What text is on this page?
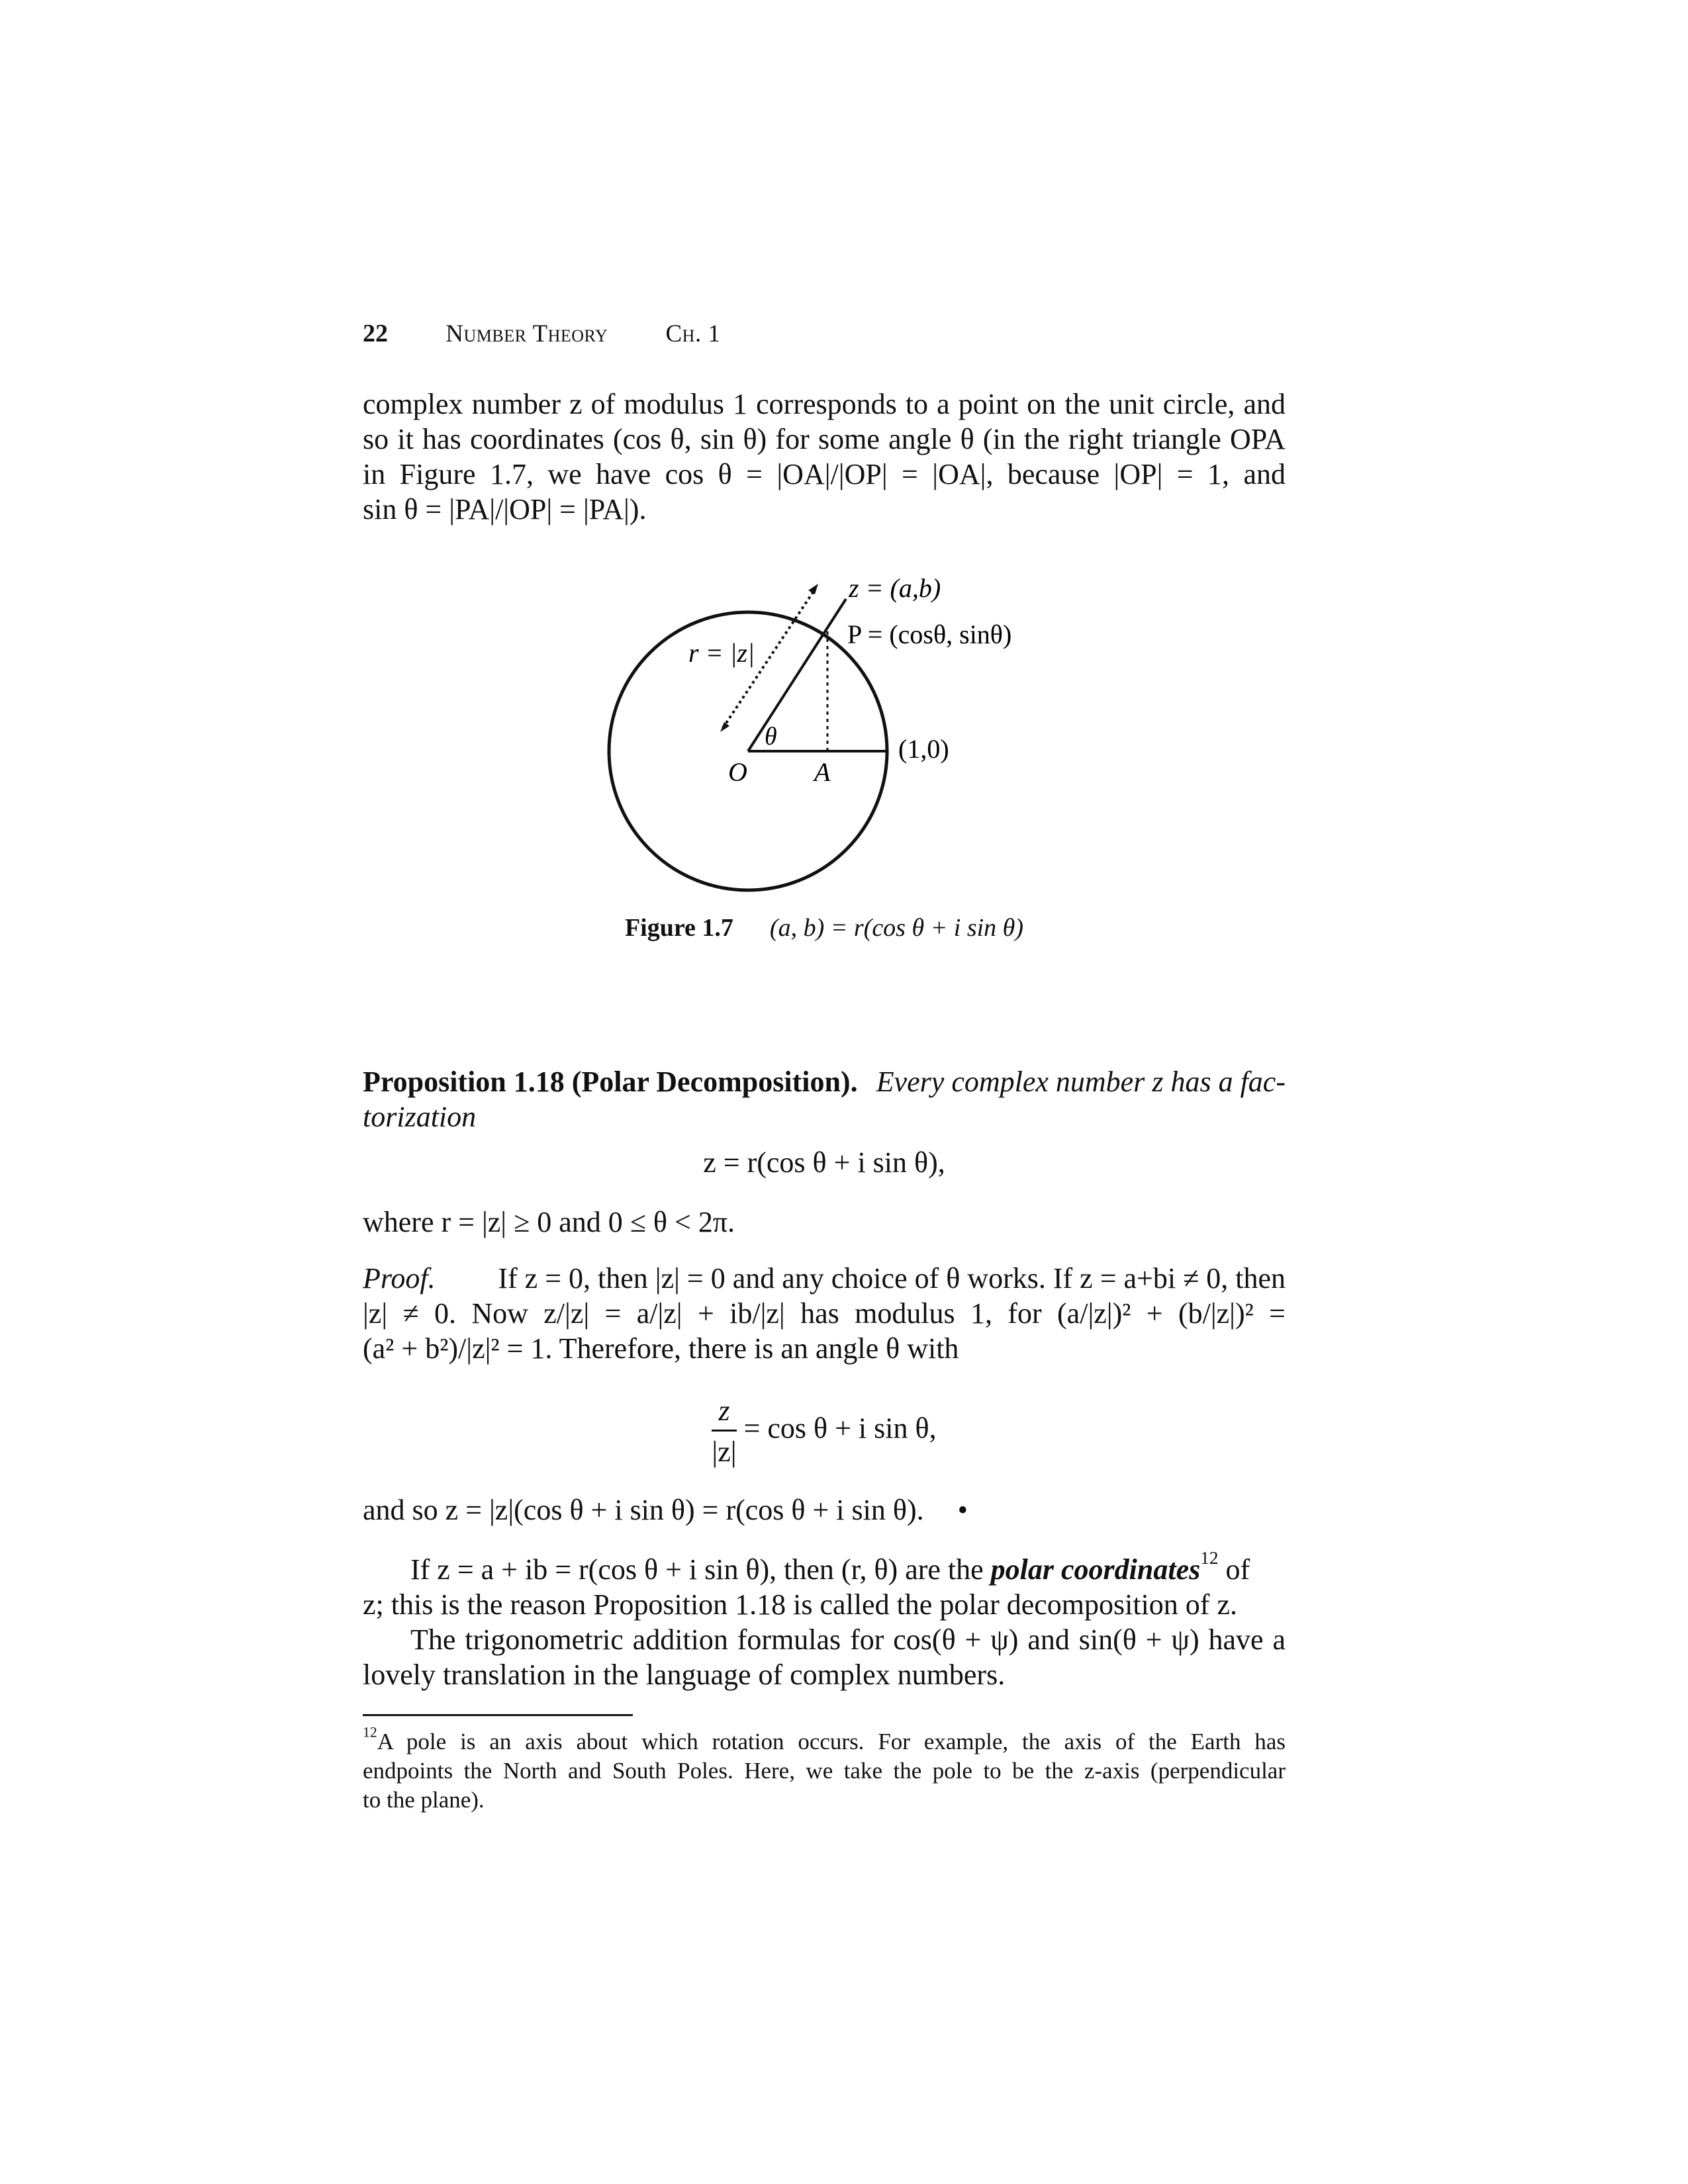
22 Number Theory Ch. 1
complex number z of modulus 1 corresponds to a point on the unit circle, and
so it has coordinates (cos θ, sin θ) for some angle θ (in the right triangle OPA
in Figure 1.7, we have cos θ = |OA|/|OP| = |OA|, because |OP| = 1, and
sin θ = |PA|/|OP| = |PA|).
z = (a,b)
P = (cosθ, sinθ)
r = |z|
θ
O	A
(1,0)
Figure 1.7 (a, b) = r(cos θ + i sin θ)
Proposition 1.18 (Polar Decomposition). Every complex number z has a fac-
torization
z = r(cos θ + i sin θ),
where r = |z| ≥ 0 and 0 ≤ θ < 2π.
Proof. If z = 0, then |z| = 0 and any choice of θ works. If z = a+bi ≠ 0, then
|z| ≠ 0. Now z/|z| = a/|z| + ib/|z| has modulus 1, for (a/|z|)² + (b/|z|)² =
(a² + b²)/|z|² = 1. Therefore, there is an angle θ with
$\frac{z}{|z|} = \cos \theta + i$ sin θ,
and so z = |z|(cos θ + i sin θ) = r(cos θ + i sin θ). •
If z = a + ib = r(cos θ + i sin θ), then (r, θ) are the polar coordinates$^{12}$ of
z; this is the reason Proposition 1.18 is called the polar decomposition of z.
The trigonometric addition formulas for cos(θ + ψ) and sin(θ + ψ) have a
lovely translation in the language of complex numbers.
$^{12}$A pole is an axis about which rotation occurs. For example, the axis of the Earth has
endpoints the North and South Poles. Here, we take the pole to be the z-axis (perpendicular
to the plane).
